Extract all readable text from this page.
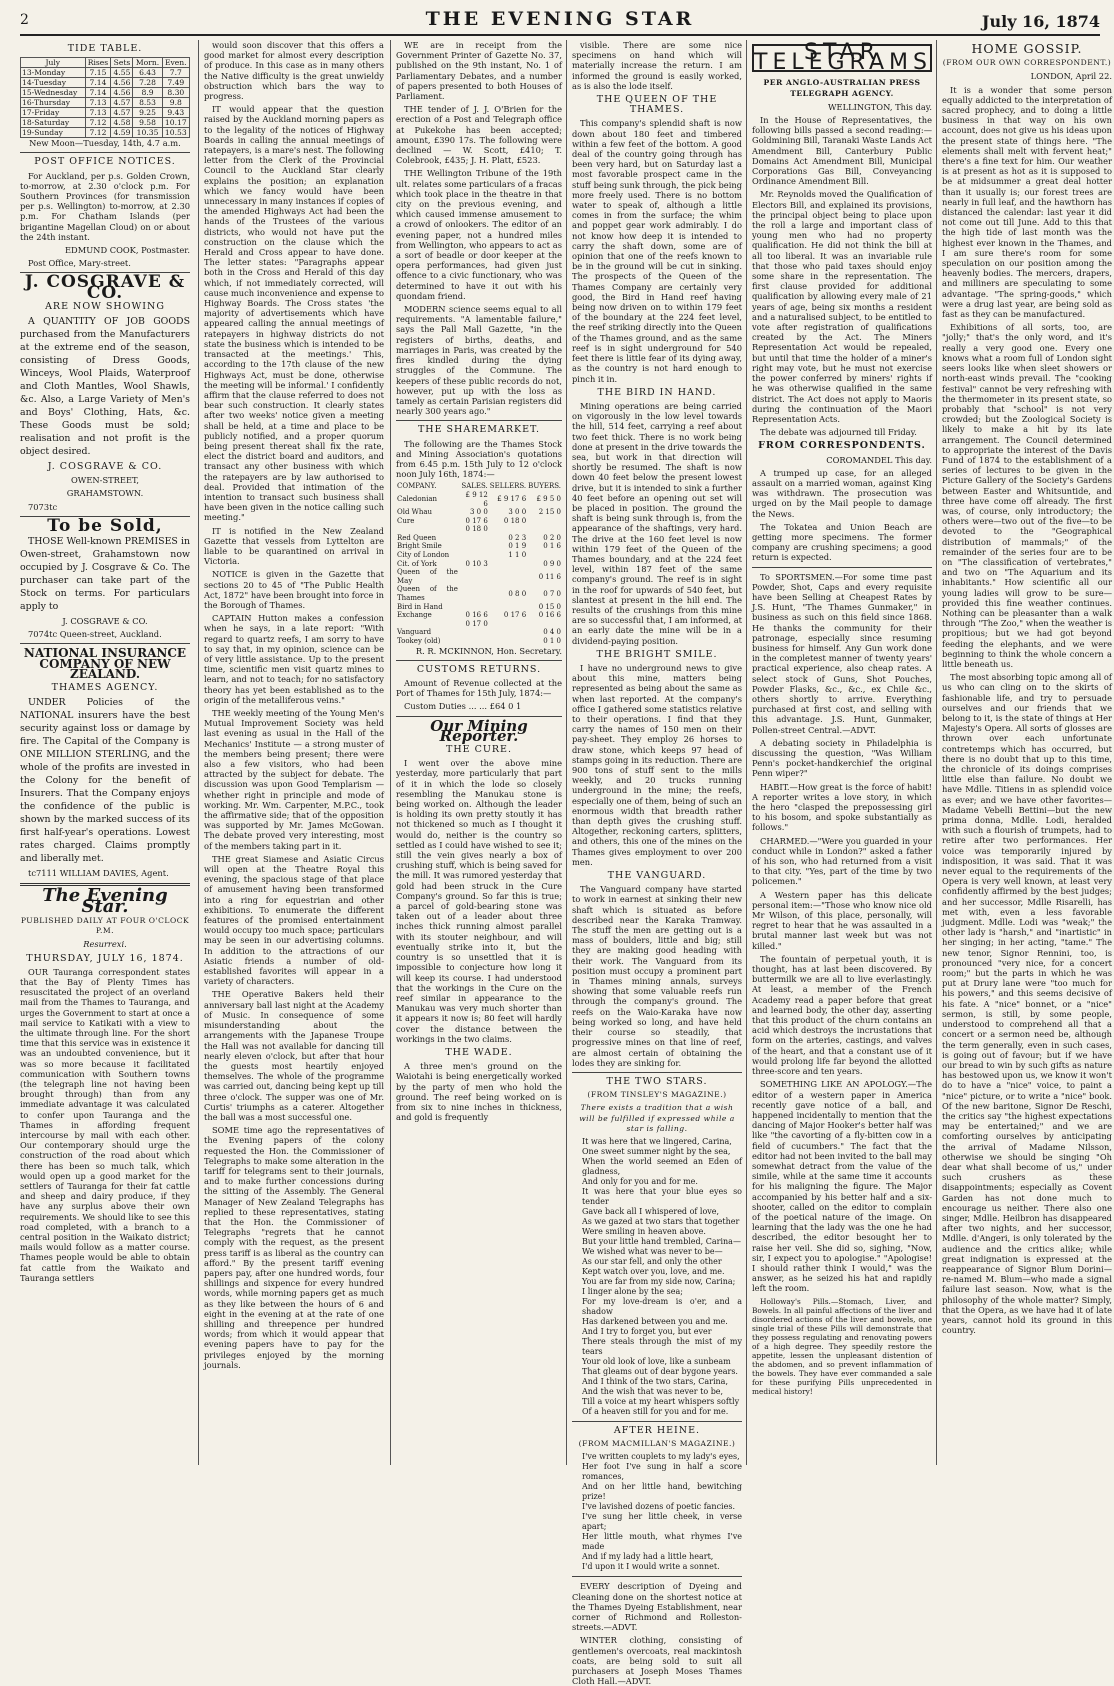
2	THE EVENING STAR	July 16, 1874
TIDE TABLE.
July	Rises	Sets	Morn.	Even.
13-Monday	7.15	4.55	6.43	7.7
14-Tuesday	7.14	4.56	7.28	7.49
15-Wednesday	7.14	4.56	8.9	8.30
16-Thursday	7.13	4.57	8.53	9.8
17-Friday	7.13	4.57	9.25	9.43
18-Saturday	7.12	4.58	9.58	10.17
19-Sunday	7.12	4.59	10.35	10.53

New Moon—Tuesday, 14th, 4.7 a.m.

POST OFFICE NOTICES.

For Auckland, per p.s. Golden Crown, to-morrow, at 2.30 o'clock p.m. For Southern Provinces (for transmission per p.s. Wellington) to-morrow, at 2.30 p.m. For Chatham Islands (per brigantine Magellan Cloud) on or about the 24th instant.

EDMUND COOK, Postmaster.

Post Office, Mary-street.

J. COSGRAVE & CO.
ARE NOW SHOWING

A QUANTITY OF JOB GOODS purchased from the Manufacturers at the extreme end of the season, consisting of Dress Goods, Winceys, Wool Plaids, Waterproof and Cloth Mantles, Wool Shawls, &c. Also, a Large Variety of Men's and Boys' Clothing, Hats, &c. These Goods must be sold; realisation and not profit is the object desired.

J. COSGRAVE & CO.

OWEN-STREET,

GRAHAMSTOWN.

7073tc

To be Sold,

THOSE Well-known PREMISES in Owen-street, Grahamstown now occupied by J. Cosgrave & Co. The purchaser can take part of the Stock on terms. For particulars apply to

J. COSGRAVE & CO.

7074tc Queen-street, Auckland.

NATIONAL INSURANCE COMPANY OF NEW ZEALAND.
THAMES AGENCY.

UNDER Policies of the NATIONAL insurers have the best security against loss or damage by fire. The Capital of the Company is ONE MILLION STERLING, and the whole of the profits are invested in the Colony for the benefit of Insurers. That the Company enjoys the confidence of the public is shown by the marked success of its first half-year's operations. Lowest rates charged. Claims promptly and liberally met.

tc7111 WILLIAM DAVIES, Agent.

The Evening Star.

PUBLISHED DAILY AT FOUR O'CLOCK P.M.

Resurrexi.

THURSDAY, JULY 16, 1874.

OUR Tauranga correspondent states that the Bay of Plenty Times has resuscitated the project of an overland mail from the Thames to Tauranga, and urges the Government to start at once a mail service to Katikati with a view to the ultimate through line. For the short time that this service was in existence it was an undoubted convenience, but it was so more because it facilitated communication with Southern towns (the telegraph line not having been brought through) than from any immediate advantage it was calculated to confer upon Tauranga and the Thames in affording frequent intercourse by mail with each other. Our contemporary should urge the construction of the road about which there has been so much talk, which would open up a good market for the settlers of Tauranga for their fat cattle and sheep and dairy produce, if they have any surplus above their own requirements. We should like to see this road completed, with a branch to a central position in the Waikato district; mails would follow as a matter course. Thames people would be able to obtain fat cattle from the Waikato and Tauranga settlers

would soon discover that this offers a good market for almost every description of produce. In this case as in many others the Native difficulty is the great unwieldy obstruction which bars the way to progress.

IT would appear that the question raised by the Auckland morning papers as to the legality of the notices of Highway Boards in calling the annual meetings of ratepayers, is a mare's nest. The following letter from the Clerk of the Provincial Council to the Auckland Star clearly explains the position; an explanation which we fancy would have been unnecessary in many instances if copies of the amended Highways Act had been the hands of the Trustees of the various districts, who would not have put the construction on the clause which the Herald and Cross appear to have done. The letter states: "Paragraphs appear both in the Cross and Herald of this day which, if not immediately corrected, will cause much inconvenience and expense to Highway Boards. The Cross states 'the majority of advertisements which have appeared calling the annual meetings of ratepayers in highway districts do not state the business which is intended to be transacted at the meetings.' This, according to the 17th clause of the new Highways Act, must be done, otherwise the meeting will be informal.' I confidently affirm that the clause referred to does not bear such construction. It clearly states after two weeks' notice given a meeting shall be held, at a time and place to be publicly notified, and a proper quorum being present thereat shall fix the rate, elect the district board and auditors, and transact any other business with which the ratepayers are by law authorised to deal. Provided that intimation of the intention to transact such business shall have been given in the notice calling such meeting."

IT is notified in the New Zealand Gazette that vessels from Lyttelton are liable to be quarantined on arrival in Victoria.

NOTICE is given in the Gazette that sections 20 to 45 of "The Public Health Act, 1872" have been brought into force in the Borough of Thames.

CAPTAIN Hutton makes a confession when he says, in a late report: "With regard to quartz reefs, I am sorry to have to say that, in my opinion, science can be of very little assistance. Up to the present time, scientific men visit quartz mines to learn, and not to teach; for no satisfactory theory has yet been established as to the origin of the metalliferous veins."

THE weekly meeting of the Young Men's Mutual Improvement Society was held last evening as usual in the Hall of the Mechanics' Institute — a strong muster of the members being present; there were also a few visitors, who had been attracted by the subject for debate. The discussion was upon Good Templarism — whether right in principle and mode of working. Mr. Wm. Carpenter, M.P.C., took the affirmative side; that of the opposition was supported by Mr. James McGowan. The debate proved very interesting, most of the members taking part in it.

THE great Siamese and Asiatic Circus will open at the Theatre Royal this evening, the spacious stage of that place of amusement having been transformed into a ring for equestrian and other exhibitions. To enumerate the different features of the promised entertainment would occupy too much space; particulars may be seen in our advertising columns. In addition to the attractions of our Asiatic friends a number of old-established favorites will appear in a variety of characters.

THE Operative Bakers held their anniversary ball last night at the Academy of Music. In consequence of some misunderstanding about the arrangements with the Japanese Troupe the Hall was not available for dancing till nearly eleven o'clock, but after that hour the guests most heartily enjoyed themselves. The whole of the programme was carried out, dancing being kept up till three o'clock. The supper was one of Mr. Curtis' triumphs as a caterer. Altogether the ball was a most successful one.

SOME time ago the representatives of the Evening papers of the colony requested the Hon. the Commissioner of Telegraphs to make some alteration in the tariff for telegrams sent to their journals, and to make further concessions during the sitting of the Assembly. The General Manager of New Zealand Telegraphs has replied to these representatives, stating that the Hon. the Commissioner of Telegraphs "regrets that he cannot comply with the request, as the present press tariff is as liberal as the country can afford." By the present tariff evening papers pay, after one hundred words, four shillings and sixpence for every hundred words, while morning papers get as much as they like between the hours of 6 and eight in the evening at at the rate of one shilling and threepence per hundred words; from which it would appear that evening papers have to pay for the privileges enjoyed by the morning journals.

WE are in receipt from the Government Printer of Gazette No. 37, published on the 9th instant, No. 1 of Parliamentary Debates, and a number of papers presented to both Houses of Parliament.

THE tender of J. J. O'Brien for the erection of a Post and Telegraph office at Pukekohe has been accepted; amount, £390 17s. The following were declined — W. Scott, £410; T. Colebrook, £435; J. H. Platt, £523.

THE Wellington Tribune of the 19th ult. relates some particulars of a fracas which took place in the theatre in that city on the previous evening, and which caused immense amusement to a crowd of onlookers. The editor of an evening paper, not a hundred miles from Wellington, who appears to act as a sort of beadle or door keeper at the opera performances, had given just offence to a civic functionary, who was determined to have it out with his quondam friend.

MODERN science seems equal to all requirements. "A lamentable failure," says the Pall Mall Gazette, "in the registers of births, deaths, and marriages in Paris, was created by the fires kindled during the dying struggles of the Commune. The keepers of these public records do not, however, put up with the loss as tamely as certain Parisian registers did nearly 300 years ago."

THE SHAREMARKET.

The following are the Thames Stock and Mining Association's quotations from 6.45 p.m. 15th July to 12 o'clock noon July 16th, 1874:—

COMPANY.	SALES.	SELLERS.	BUYERS.
Caledonian	£ 9 12 6	£ 9 17 6	£ 9 5 0
Old Whau	3 0 0	3 0 0	2 15 0
Cure	0 17 6	0 18 0	
	0 18 0		
Red Queen		0 2 3	0 2 0
Bright Smile		0 1 9	0 1 6
City of London		1 1 0	
Cit. of York	0 10 3		0 9 0
Queen of the May			0 11 6
Queen of the Thames		0 8 0	0 7 0
Bird in Hand			0 15 0
Exchange	0 16 6	0 17 6	0 16 6
	0 17 0		
Vanguard			0 4 0
Tookey (old)			0 1 0

R. R. MCKINNON, Hon. Secretary.

CUSTOMS RETURNS.

Amount of Revenue collected at the Port of Thames for 15th July, 1874:—

Custom Duties ... ... £64 0 1

Our Mining Reporter.
THE CURE.

I went over the above mine yesterday, more particularly that part of it in which the lode so closely resembling the Manukau stone is being worked on. Although the leader is holding its own pretty stoutly it has not thickened so much as I thought it would do, neither is the country so settled as I could have wished to see it; still the vein gives nearly a box of crushing stuff, which is being saved for the mill. It was rumored yesterday that gold had been struck in the Cure Company's ground. So far this is true; a parcel of gold-bearing stone was taken out of a leader about three inches thick running almost parallel with its stouter neighbour, and will eventually strike into it, but the country is so unsettled that it is impossible to conjecture how long it will keep its course. I had understood that the workings in the Cure on the reef similar in appearance to the Manukau was very much shorter than it appears it now is; 80 feet will hardly cover the distance between the workings in the two claims.

THE WADE.

A three men's ground on the Waiotahi is being energetically worked by the party of men who hold the ground. The reef being worked on is from six to nine inches in thickness, and gold is frequently

visible. There are some nice specimens on hand which will materially increase the return. I am informed the ground is easily worked, as is also the lode itself.

THE QUEEN OF THE THAMES.

This company's splendid shaft is now down about 180 feet and timbered within a few feet of the bottom. A good deal of the country going through has been very hard, but on Saturday last a most favorable prospect came in the stuff being sunk through, the pick being more freely used. There is no bottom water to speak of, although a little comes in from the surface; the whim and poppet gear work admirably. I do not know how deep it is intended to carry the shaft down, some are of opinion that one of the reefs known to be in the ground will be cut in sinking. The prospects of the Queen of the Thames Company are certainly very good, the Bird in Hand reef having being now driven on to within 179 feet of the boundary at the 224 feet level, the reef striking directly into the Queen of the Thames ground, and as the same reef is in sight underground for 540 feet there is little fear of its dying away, as the country is not hard enough to pinch it in.

THE BIRD IN HAND.

Mining operations are being carried on vigorously in the low level towards the hill, 514 feet, carrying a reef about two feet thick. There is no work being done at present in the drive towards the sea, but work in that direction will shortly be resumed. The shaft is now down 40 feet below the present lowest drive, but it is intended to sink a further 40 feet before an opening out set will be placed in position. The ground the shaft is being sunk through is, from the appearance of the shaftings, very hard. The drive at the 160 feet level is now within 179 feet of the Queen of the Thames boundary, and at the 224 feet level, within 187 feet of the same company's ground. The reef is in sight in the roof for upwards of 540 feet, but slantest at present in the hill end. The results of the crushings from this mine are so successful that, I am informed, at an early date the mine will be in a dividend-paying position.

THE BRIGHT SMILE.

I have no underground news to give about this mine, matters being represented as being about the same as when last reported. At the company's office I gathered some statistics relative to their operations. I find that they carry the names of 150 men on their pay-sheet. They employ 26 horses to draw stone, which keeps 97 head of stamps going in its reduction. There are 900 tons of stuff sent to the mills weekly, and 20 trucks running underground in the mine; the reefs, especially one of them, being of such an enormous width that breadth rather than depth gives the crushing stuff. Altogether, reckoning carters, splitters, and others, this one of the mines on the Thames gives employment to over 200 men.

THE VANGUARD.

The Vanguard company have started to work in earnest at sinking their new shaft which is situated as before described near the Karaka Tramway. The stuff the men are getting out is a mass of boulders, little and big; still they are making good heading with their work. The Vanguard from its position must occupy a prominent part in Thames mining annals, surveys showing that some valuable reefs run through the company's ground. The reefs on the Waio-Karaka have now being worked so long, and have held their course so steadily, that progressive mines on that line of reef, are almost certain of obtaining the lodes they are sinking for.

THE TWO STARS.

(FROM TINSLEY'S MAGAZINE.)

There exists a tradition that a wish will be fulfilled if expressed while a star is falling.

It was here that we lingered, Carina,

One sweet summer night by the sea,

When the world seemed an Eden of gladness,

And only for you and for me.

It was here that your blue eyes so tender

Gave back all I whispered of love,

As we gazed at two stars that together

Were smiling in heaven above.

But your little hand trembled, Carina—

We wished what was never to be—

As our star fell, and only the other

Kept watch over you, love, and me.

You are far from my side now, Carina;

I linger alone by the sea;

For my love-dream is o'er, and a shadow

Has darkened between you and me.

And I try to forget you, but ever

There steals through the mist of my tears

Your old look of love, like a sunbeam

That gleams out of dear bygone years.

And I think of the two stars, Carina,

And the wish that was never to be,

Till a voice at my heart whispers softly

Of a heaven still for you and for me.

AFTER HEINE.

(FROM MACMILLAN'S MAGAZINE.)

I've written couplets to my lady's eyes,

Her foot I've sung in half a score romances,

And on her little hand, bewitching prize!

I've lavished dozens of poetic fancies.

I've sung her little cheek, in verse apart;

Her little mouth, what rhymes I've made

And if my lady had a little heart,

I'd upon it I would write a sonnet.

EVERY description of Dyeing and Cleaning done on the shortest notice at the Thames Dyeing Establishment, near corner of Richmond and Rolleston-streets.—ADVT.

WINTER clothing, consisting of gentlemen's overcoats, real mackintosh coats, are being sold to suit all purchasers at Joseph Moses Thames Cloth Hall.—ADVT.

STAR TELEGRAMS

PER ANGLO-AUSTRALIAN PRESS TELEGRAPH AGENCY.

WELLINGTON, This day.

In the House of Representatives, the following bills passed a second reading:— Goldmining Bill, Taranaki Waste Lands Act Amendment Bill, Canterbury Public Domains Act Amendment Bill, Municipal Corporations Gas Bill, Conveyancing Ordinance Amendment Bill.

Mr. Reynolds moved the Qualification of Electors Bill, and explained its provisions, the principal object being to place upon the roll a large and important class of young men who had no property qualification. He did not think the bill at all too liberal. It was an invariable rule that those who paid taxes should enjoy some share in the representation. The first clause provided for additional qualification by allowing every male of 21 years of age, being six months a resident and a naturalised subject, to be entitled to vote after registration of qualifications created by the Act. The Miners Representation Act would be repealed, but until that time the holder of a miner's right may vote, but he must not exercise the power conferred by miners' rights if he was otherwise qualified in the same district. The Act does not apply to Maoris during the continuation of the Maori Representation Acts.

The debate was adjourned till Friday.

FROM CORRESPONDENTS.

COROMANDEL This day.

A trumped up case, for an alleged assault on a married woman, against King was withdrawn. The prosecution was urged on by the Mail people to damage the News.

The Tokatea and Union Beach are getting more specimens. The former company are crushing specimens; a good return is expected.

To SPORTSMEN.—For some time past Powder, Shot, Caps and every requisite have been Selling at Cheapest Rates by J.S. Hunt, "The Thames Gunmaker," in business as such on this field since 1868. He thanks the community for their patronage, especially since resuming business for himself. Any Gun work done in the completest manner of twenty years' practical experience, also cheap rates. A select stock of Guns, Shot Pouches, Powder Flasks, &c., &c., ex Chile &c., others shortly to arrive. Everything purchased at first cost, and selling with this advantage. J.S. Hunt, Gunmaker, Pollen-street Central.—ADVT.

A debating society in Philadelphia is discussing the question, "Was William Penn's pocket-handkerchief the original Penn wiper?"

HABIT.—How great is the force of habit! A reporter writes a love story, in which the hero "clasped the prepossessing girl to his bosom, and spoke substantially as follows."

CHARMED.—"Were you guarded in your conduct while in London?" asked a father of his son, who had returned from a visit to that city. "Yes, part of the time by two policemen."

A Western paper has this delicate personal item:—"Those who know nice old Mr Wilson, of this place, personally, will regret to hear that he was assaulted in a brutal manner last week but was not killed."

The fountain of perpetual youth, it is thought, has at last been discovered. By buttermilk we are all to live everlastingly. At least, a member of the French Academy read a paper before that great and learned body, the other day, asserting that this product of the churn contains an acid which destroys the incrustations that form on the arteries, castings, and valves of the heart, and that a constant use of it would prolong life far beyond the allotted three-score and ten years.

SOMETHING LIKE AN APOLOGY.—The editor of a western paper in America recently gave notice of a ball, and happened incidentally to mention that the dancing of Major Hooker's better half was like "the cavorting of a fly-bitten cow in a field of cucumbers." The fact that the editor had not been invited to the ball may somewhat detract from the value of the simile, while at the same time it accounts for his maligning the figure. The Major accompanied by his better half and a six-shooter, called on the editor to complain of the poetical nature of the image. On learning that the lady was the one he had described, the editor besought her to raise her veil. She did so, sighing, "Now, sir, I expect you to apologise." "Apologise! I should rather think I would," was the answer, as he seized his hat and rapidly left the room.

Holloway's Pills.—Stomach, Liver, and Bowels. In all painful affections of the liver and disordered actions of the liver and bowels, one single trial of these Pills will demonstrate that they possess regulating and renovating powers of a high degree. They speedily restore the appetite, lessen the unpleasant distention of the abdomen, and so prevent inflammation of the bowels. They have ever commanded a sale for these purifying Pills unprecedented in medical history!

HOME GOSSIP.

(FROM OUR OWN CORRESPONDENT.)

LONDON, April 22.

It is a wonder that some person equally addicted to the interpretation of sacred prophecy, and to doing a little business in that way on his own account, does not give us his ideas upon the present state of things here. "The elements shall melt with fervent heat;" there's a fine text for him. Our weather is at present as hot as it is supposed to be at midsummer a great deal hotter than it usually is; our forest trees are nearly in full leaf, and the hawthorn has distanced the calendar: last year it did not come out till June. Add to this that the high tide of last month was the highest ever known in the Thames, and I am sure there's room for some speculation on our position among the heavenly bodies. The mercers, drapers, and milliners are speculating to some advantage. "The spring-goods," which were a drug last year, are being sold as fast as they can be manufactured.

Exhibitions of all sorts, too, are "jolly;" that's the only word, and it's really a very good one. Every one knows what a room full of London sight seers looks like when sleet showers or north-east winds prevail. The "cooking festival" cannot be very refreshing with the thermometer in its present state, so probably that "school" is not very crowded; but the Zoological Society is likely to make a hit by its late arrangement. The Council determined to appropriate the interest of the Davis Fund of 1874 to the establishment of a series of lectures to be given in the Picture Gallery of the Society's Gardens between Easter and Whitsuntide, and three have come off already. The first was, of course, only introductory; the others were—two out of the five—to be devoted to the "Geographical distribution of mammals;" of the remainder of the series four are to be on "The classification of vertebrates," and two on "The Aquarium and its inhabitants." How scientific all our young ladies will grow to be sure—provided this fine weather continues. Nothing can be pleasanter than a walk through "The Zoo," when the weather is propitious; but we had got beyond feeding the elephants, and we were beginning to think the whole concern a little beneath us.

The most absorbing topic among all of us who can cling on to the skirts of fashionable life, and try to persuade ourselves and our friends that we belong to it, is the state of things at Her Majesty's Opera. All sorts of glosses are thrown over each unfortunate contretemps which has occurred, but there is no doubt that up to this time, the chronicle of its doings comprises little else than failure. No doubt we have Mdlle. Titiens in as splendid voice as ever; and we have other favorites—Madame Vebelli Bettini—but the new prima donna, Mdlle. Lodi, heralded with such a flourish of trumpets, had to retire after two performances. Her voice was temporarily injured by indisposition, it was said. That it was never equal to the requirements of the Opera is very well known, at least very confidently affirmed by the best judges; and her successor, Mdlle Risarelli, has met with, even a less favorable judgment. Mdlle. Lodi was "weak;" the other lady is "harsh," and "inartistic" in her singing; in her acting, "tame." The new tenor, Signor Rennini, too, is pronounced "very nice, for a concert room;" but the parts in which he was put at Drury lane were "too much for his powers," and this seems decisive of his fate. A "nice" bonnet, or a "nice" sermon, is still, by some people, understood to comprehend all that a concert or a sermon need be, although the term generally, even in such cases, is going out of favour; but if we have our bread to win by such gifts as nature has bestowed upon us, we know it won't do to have a "nice" voice, to paint a "nice" picture, or to write a "nice" book. Of the new baritone, Signor De Reschi, the critics say "the highest expectations may be entertained;" and we are comforting ourselves by anticipating the arrival of Madame Nilsson, otherwise we should be singing "Oh dear what shall become of us," under such crushers as these disappointments; especially as Covent Garden has not done much to encourage us neither. There also one singer, Mdlle. Heilbron has disappeared after two nights, and her successor, Mdlle. d'Angeri, is only tolerated by the audience and the critics alike; while great indignation is expressed at the reappearance of Signor Blum Dorini—re-named M. Blum—who made a signal failure last season. Now, what is the philosophy of the whole matter? Simply, that the Opera, as we have had it of late years, cannot hold its ground in this country.
